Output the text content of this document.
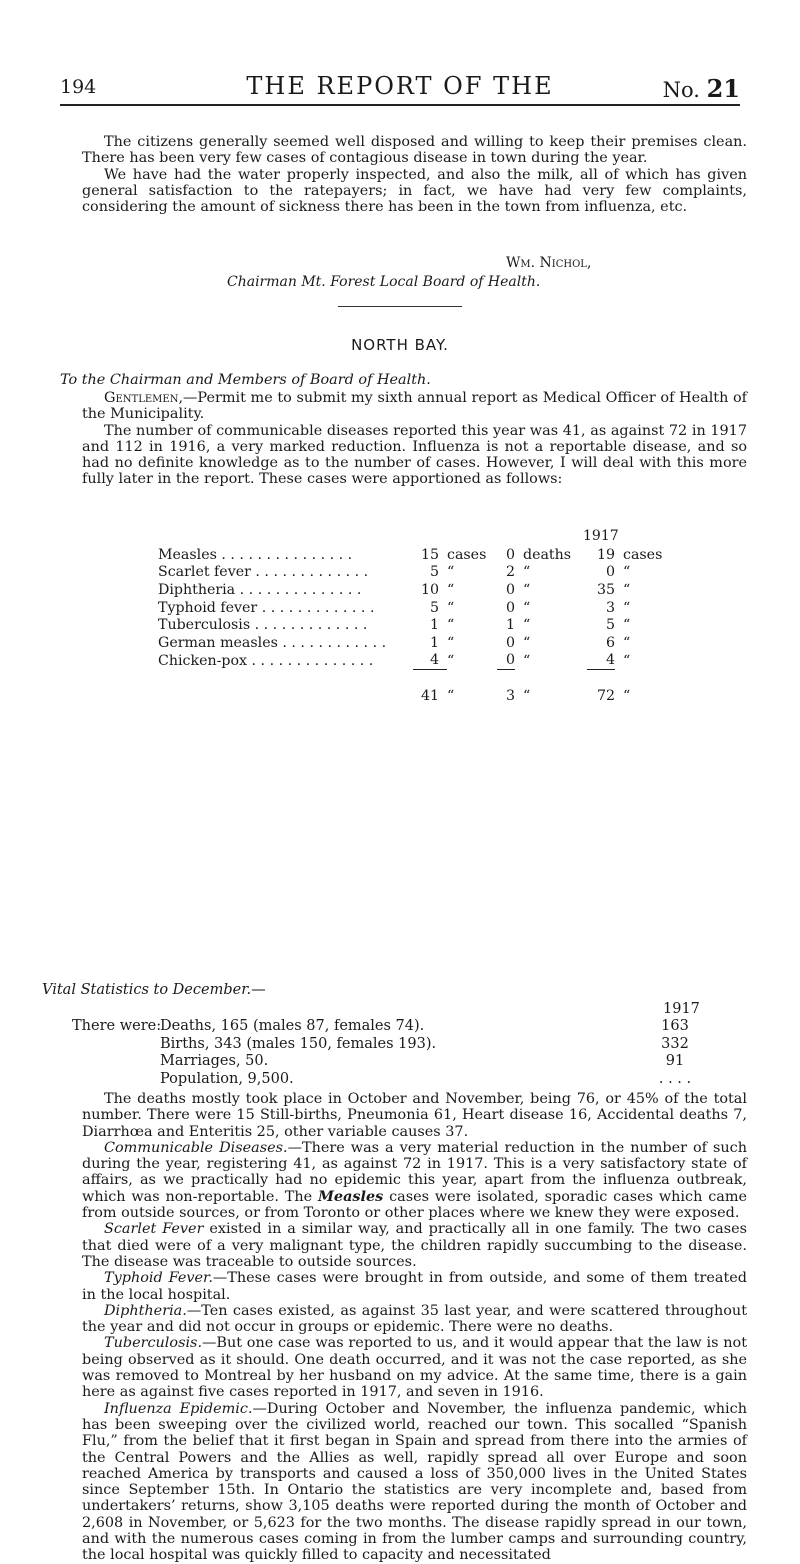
194	THE REPORT OF THE	No. 21

The citizens generally seemed well disposed and willing to keep their premises clean. There has been very few cases of contagious disease in town during the year.

We have had the water properly inspected, and also the milk, all of which has given general satisfaction to the ratepayers; in fact, we have had very few complaints, considering the amount of sickness there has been in the town from influenza, etc.

Wm. Nichol,
Chairman Mt. Forest Local Board of Health.
NORTH BAY.

To the Chairman and Members of Board of Health.

Gentlemen,—Permit me to submit my sixth annual report as Medical Officer of Health of the Municipality.

The number of communicable diseases reported this year was 41, as against 72 in 1917 and 112 in 1916, a very marked reduction. Influenza is not a reportable disease, and so had no definite knowledge as to the number of cases. However, I will deal with this more fully later in the report. These cases were apportioned as follows:

1917
Measles . . . . . . . . . . . . . . .	15	cases	0	deaths	19	cases
Scarlet fever . . . . . . . . . . . . .	5	“	2	“	0	“
Diphtheria . . . . . . . . . . . . . .	10	“	0	“	35	“
Typhoid fever . . . . . . . . . . . . .	5	“	0	“	3	“
Tuberculosis . . . . . . . . . . . . .	1	“	1	“	5	“
German measles . . . . . . . . . . . .	1	“	0	“	6	“
Chicken-pox . . . . . . . . . . . . . .	4	“	0	“	4	“

	41	“	3	“	72	“
Vital Statistics to December.—
1917
There were:
Deaths, 165 (males 87, females 74).	163
Births, 343 (males 150, females 193).	332
Marriages, 50.	91
Population, 9,500.	. . . .

The deaths mostly took place in October and November, being 76, or 45% of the total number. There were 15 Still-births, Pneumonia 61, Heart disease 16, Accidental deaths 7, Diarrhœa and Enteritis 25, other variable causes 37.

Communicable Diseases.—There was a very material reduction in the number of such during the year, registering 41, as against 72 in 1917. This is a very satisfactory state of affairs, as we practically had no epidemic this year, apart from the influenza outbreak, which was non-reportable. The Measles cases were isolated, sporadic cases which came from outside sources, or from Toronto or other places where we knew they were exposed.

Scarlet Fever existed in a similar way, and practically all in one family. The two cases that died were of a very malignant type, the children rapidly succumbing to the disease. The disease was traceable to outside sources.

Typhoid Fever.—These cases were brought in from outside, and some of them treated in the local hospital.

Diphtheria.—Ten cases existed, as against 35 last year, and were scattered throughout the year and did not occur in groups or epidemic. There were no deaths.

Tuberculosis.—But one case was reported to us, and it would appear that the law is not being observed as it should. One death occurred, and it was not the case reported, as she was removed to Montreal by her husband on my advice. At the same time, there is a gain here as against five cases reported in 1917, and seven in 1916.

Influenza Epidemic.—During October and November, the influenza pandemic, which has been sweeping over the civilized world, reached our town. This socalled “Spanish Flu,” from the belief that it first began in Spain and spread from there into the armies of the Central Powers and the Allies as well, rapidly spread all over Europe and soon reached America by transports and caused a loss of 350,000 lives in the United States since September 15th. In Ontario the statistics are very incomplete and, based from undertakers’ returns, show 3,105 deaths were reported during the month of October and 2,608 in November, or 5,623 for the two months. The disease rapidly spread in our town, and with the numerous cases coming in from the lumber camps and surrounding country, the local hospital was quickly filled to capacity and necessitated
